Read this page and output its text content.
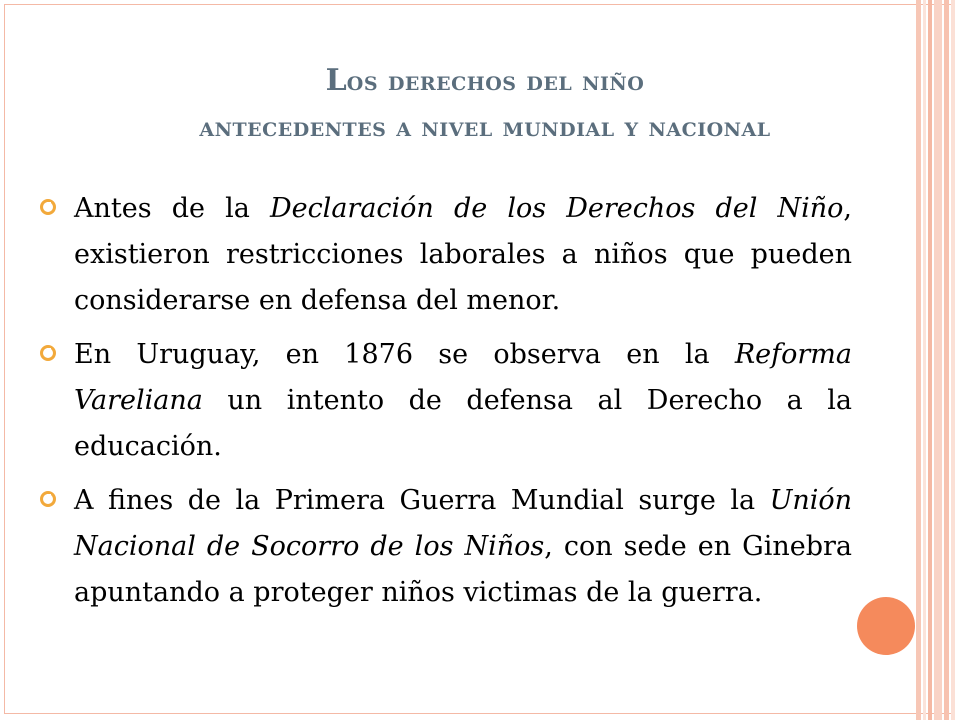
Los derechos del niño
antecedentes a nivel mundial y nacional
Antes de la Declaración de los Derechos del Niño, existieron restricciones laborales a niños que pueden considerarse en defensa del menor.
En Uruguay, en 1876 se observa en la Reforma Vareliana un intento de defensa al Derecho a la educación.
A fines de la Primera Guerra Mundial surge la Unión Nacional de Socorro de los Niños, con sede en Ginebra apuntando a proteger niños victimas de la guerra.
